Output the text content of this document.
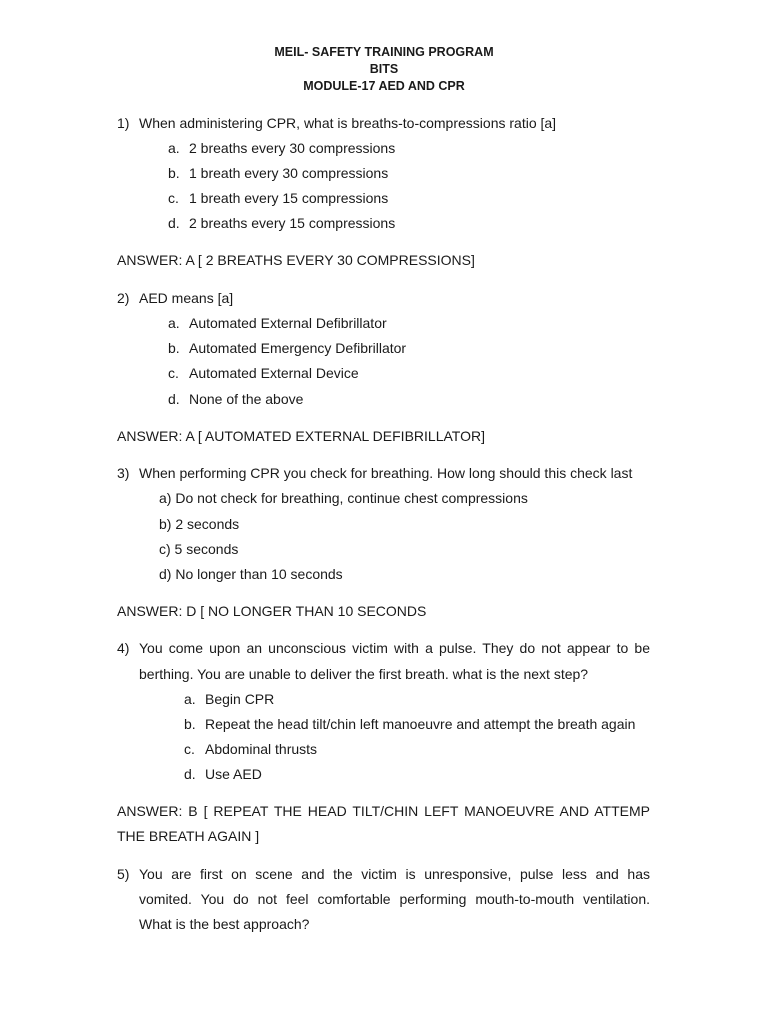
MEIL- SAFETY TRAINING PROGRAM
BITS
MODULE-17 AED AND CPR
1) When administering CPR, what is breaths-to-compressions ratio [a]
a. 2 breaths every 30 compressions
b. 1 breath every 30 compressions
c. 1 breath every 15 compressions
d. 2 breaths every 15 compressions
ANSWER: A [ 2 BREATHS EVERY 30 COMPRESSIONS]
2) AED means [a]
a. Automated External Defibrillator
b. Automated Emergency Defibrillator
c. Automated External Device
d. None of the above
ANSWER: A [ AUTOMATED EXTERNAL DEFIBRILLATOR]
3) When performing CPR you check for breathing. How long should this check last
a) Do not check for breathing, continue chest compressions
b) 2 seconds
c) 5 seconds
d) No longer than 10 seconds
ANSWER: D [ NO LONGER THAN 10 SECONDS
4) You come upon an unconscious victim with a pulse. They do not appear to be
berthing. You are unable to deliver the first breath. what is the next step?
a. Begin CPR
b. Repeat the head tilt/chin left manoeuvre and attempt the breath again
c. Abdominal thrusts
d. Use AED
ANSWER: B [ REPEAT THE HEAD TILT/CHIN LEFT MANOEUVRE AND ATTEMP
THE BREATH AGAIN ]
5) You are first on scene and the victim is unresponsive, pulse less and has
vomited. You do not feel comfortable performing mouth-to-mouth ventilation.
What is the best approach?
